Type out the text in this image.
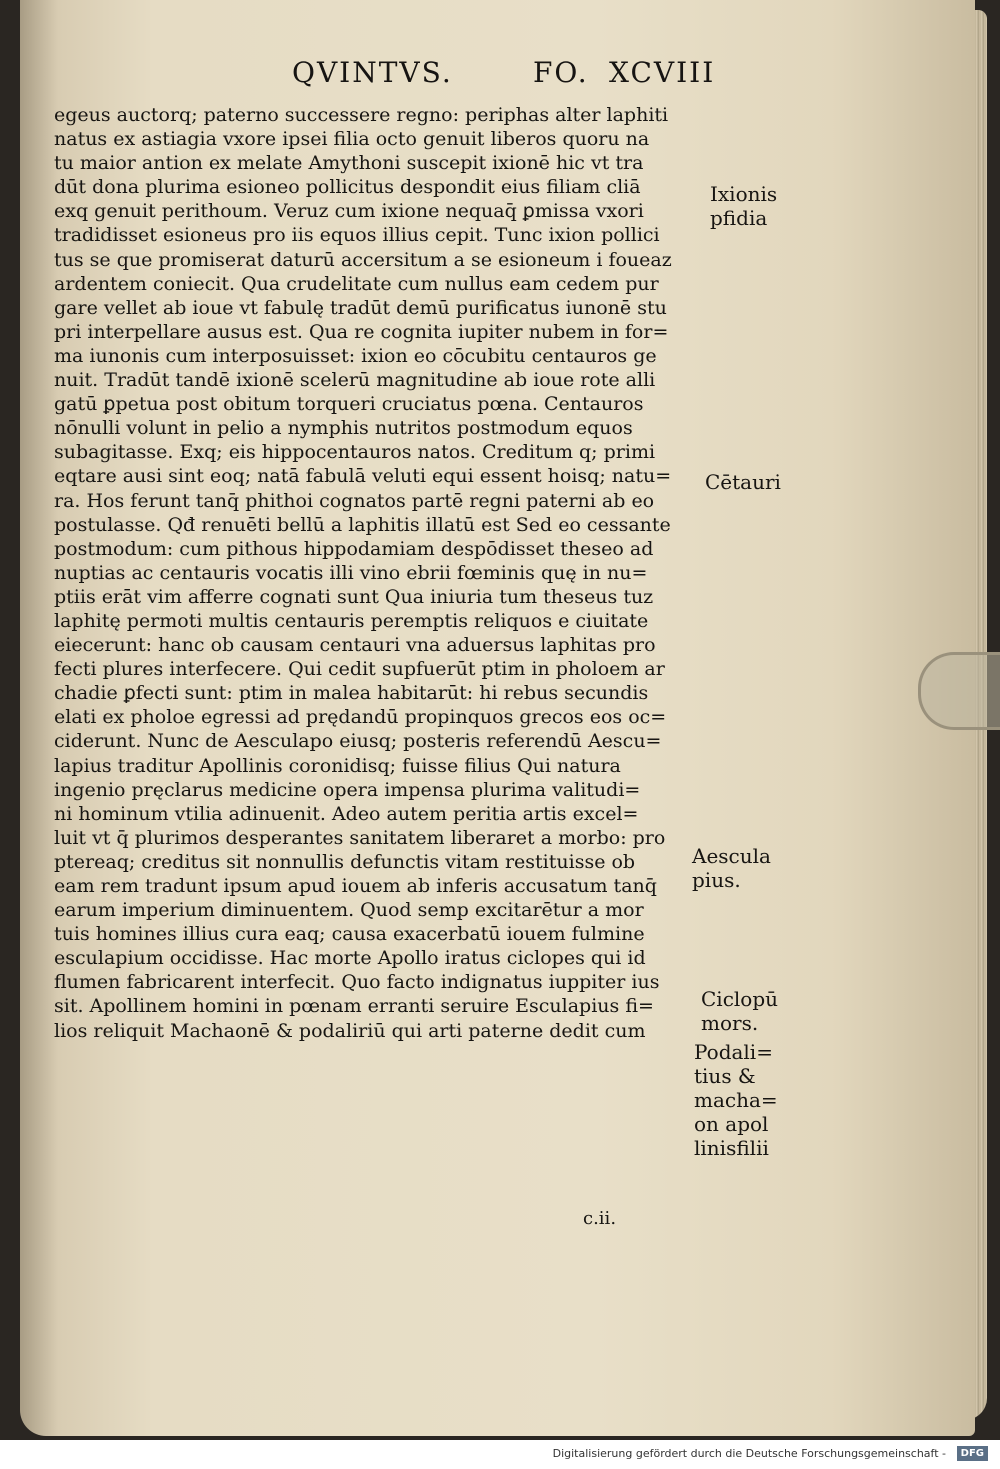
QVINTVS.	FO. XCVIII
egeus auctorq; paterno successere regno: periphas alter laphiti
natus ex astiagia vxore ipsei filia octo genuit liberos quoru na
tu maior antion ex melate Amythoni suscepit ixionē hic vt tra
dūt dona plurima esioneo pollicitus despondit eius filiam cliā
exq genuit perithoum. Veruz cum ixione nequaq̄ ꝑmissa vxori
tradidisset esioneus pro iis equos illius cepit. Tunc ixion pollici
tus se que promiserat daturū accersitum a se esioneum i foueaz
ardentem coniecit. Qua crudelitate cum nullus eam cedem pur
gare vellet ab ioue vt fabulę tradūt demū purificatus iunonē stu
pri interpellare ausus est. Qua re cognita iupiter nubem in for=
ma iunonis cum interposuisset: ixion eo cōcubitu centauros ge
nuit. Tradūt tandē ixionē scelerū magnitudine ab ioue rote alli
gatū ꝑpetua post obitum torqueri cruciatus pœna. Centauros
nōnulli volunt in pelio a nymphis nutritos postmodum equos
subagitasse. Exq; eis hippocentauros natos. Creditum q; primi
eqtare ausi sint eoq; natā fabulā veluti equi essent hoisq; natu=
ra. Hos ferunt tanq̄ phithoi cognatos partē regni paterni ab eo
postulasse. Qđ renuēti bellū a laphitis illatū est Sed eo cessante
postmodum: cum pithous hippodamiam despōdisset theseo ad
nuptias ac centauris vocatis illi vino ebrii fœminis quę in nu=
ptiis erāt vim afferre cognati sunt Qua iniuria tum theseus tuz
laphitę permoti multis centauris peremptis reliquos e ciuitate
eiecerunt: hanc ob causam centauri vna aduersus laphitas pro
fecti plures interfecere. Qui cedit supfuerūt ptim in pholoem ar
chadie ꝑfecti sunt: ptim in malea habitarūt: hi rebus secundis
elati ex pholoe egressi ad prędandū propinquos grecos eos oc=
ciderunt. Nunc de Aesculapo eiusq; posteris referendū Aescu=
lapius traditur Apollinis coronidisq; fuisse filius Qui natura
ingenio pręclarus medicine opera impensa plurima valitudi=
ni hominum vtilia adinuenit. Adeo autem peritia artis excel=
luit vt q̄ plurimos desperantes sanitatem liberaret a morbo: pro
ptereaq; creditus sit nonnullis defunctis vitam restituisse ob
eam rem tradunt ipsum apud iouem ab inferis accusatum tanq̄
earum imperium diminuentem. Quod semp excitarētur a mor
tuis homines illius cura eaq; causa exacerbatū iouem fulmine
esculapium occidisse. Hac morte Apollo iratus ciclopes qui id
flumen fabricarent interfecit. Quo facto indignatus iuppiter ius
sit. Apollinem homini in pœnam erranti seruire Esculapius fi=
lios reliquit Machaonē & podaliriū qui arti paterne dedit cum
Ixionis
pfidia
Cētauri
Aescula
pius.
Ciclopū
mors.
Podali=
tius &
macha=
on apol
linisfilii
c.ii.
Digitalisierung gefördert durch die Deutsche Forschungsgemeinschaft -	DFG
